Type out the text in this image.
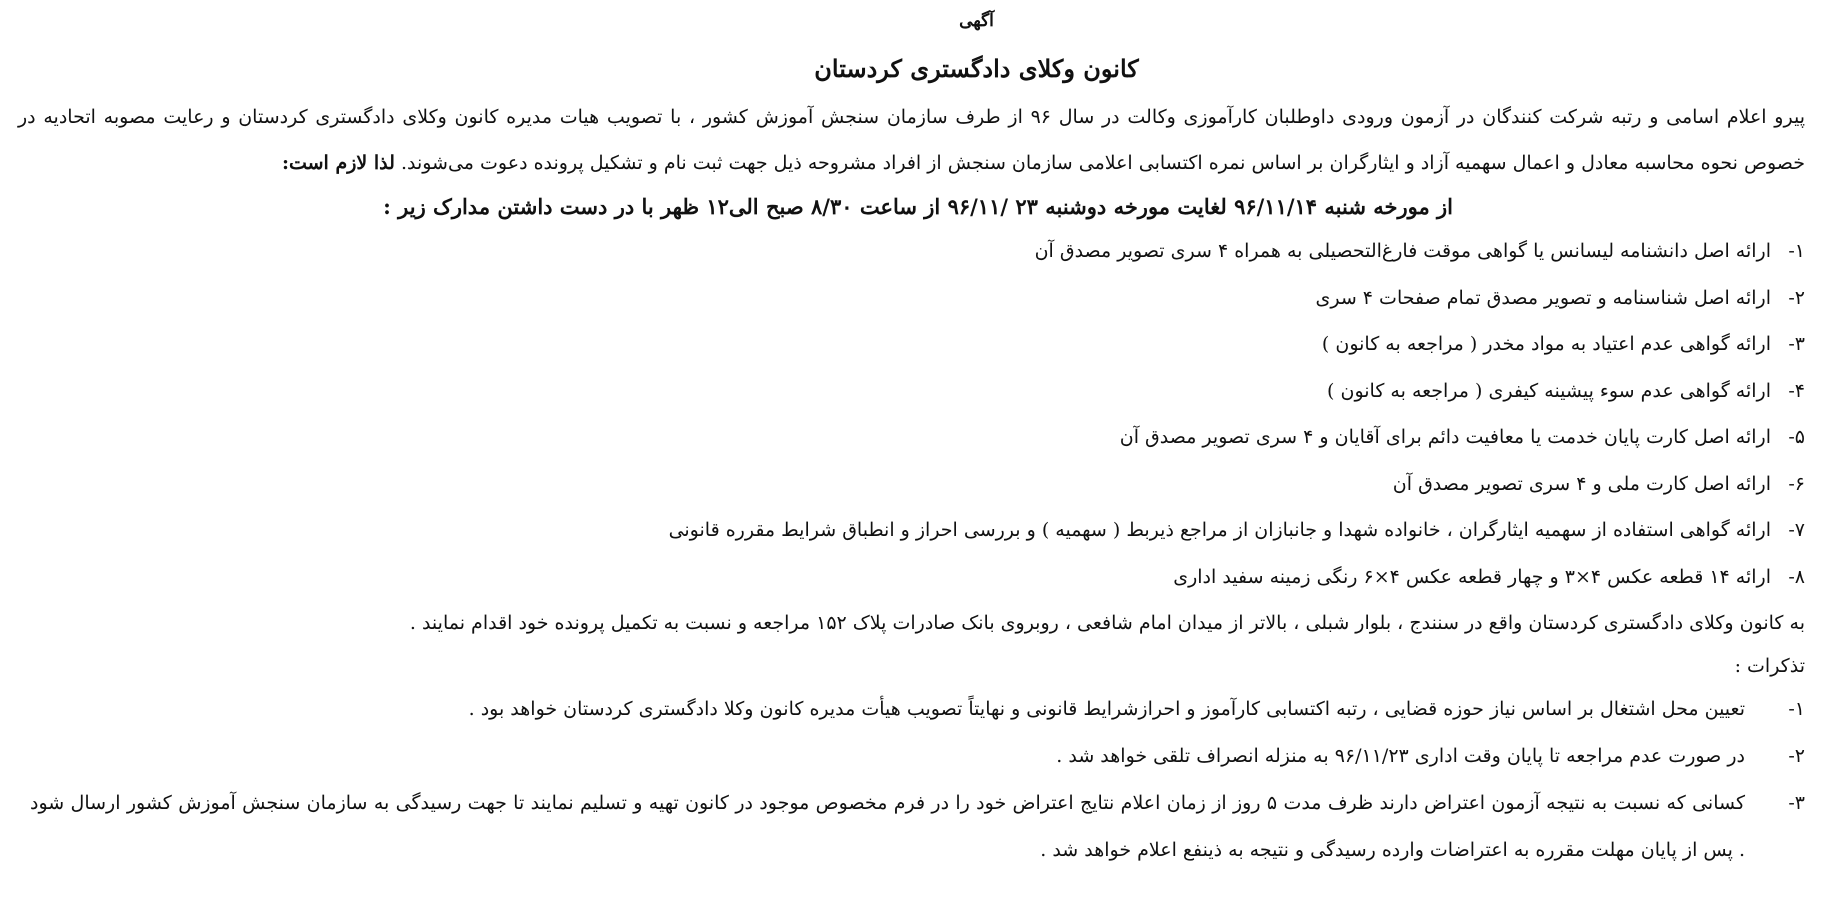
آگهی
کانون وکلای دادگستری کردستان
پیرو اعلام اسامی و رتبه شرکت کنندگان در آزمون ورودی داوطلبان کارآموزی وکالت در سال ۹۶ از طرف سازمان سنجش آموزش کشور ، با تصویب هیات مدیره کانون وکلای دادگستری کردستان و رعایت مصوبه اتحادیه در خصوص نحوه محاسبه معادل و اعمال سهمیه آزاد و ایثارگران بر اساس نمره اکتسابی اعلامی سازمان سنجش از افراد مشروحه ذیل جهت ثبت نام و تشکیل پرونده دعوت می‌شوند. لذا لازم است:
از مورخه شنبه ۹۶/۱۱/۱۴ لغایت مورخه دوشنبه ۲۳ /۹۶/۱۱ از ساعت ۸/۳۰ صبح الی۱۲ ظهر با در دست داشتن مدارک زیر :
۱-ارائه اصل دانشنامه لیسانس یا گواهی موقت فارغ‌التحصیلی به همراه ۴ سری تصویر مصدق آن
۲-ارائه اصل شناسنامه و تصویر مصدق تمام صفحات ۴ سری
۳-ارائه گواهی عدم اعتیاد به مواد مخدر ( مراجعه به کانون )
۴-ارائه گواهی عدم سوء پیشینه کیفری ( مراجعه به کانون )
۵-ارائه اصل کارت پایان خدمت یا معافیت دائم برای آقایان و ۴ سری تصویر مصدق آن
۶-ارائه اصل کارت ملی و ۴ سری تصویر مصدق آن
۷-ارائه گواهی استفاده از سهمیه ایثارگران ، خانواده شهدا و جانبازان از مراجع ذیربط ( سهمیه ) و بررسی احراز و انطباق شرایط مقرره قانونی
۸-ارائه ۱۴ قطعه عکس ۴×۳ و چهار قطعه عکس ۴×۶ رنگی زمینه سفید اداری
به کانون وکلای دادگستری کردستان واقع در سنندج ، بلوار شبلی ، بالاتر از میدان امام شافعی ، روبروی بانک صادرات پلاک ۱۵۲ مراجعه و نسبت به تکمیل پرونده خود اقدام نمایند .
تذکرات :
۱-
تعیین محل اشتغال بر اساس نیاز حوزه قضایی ، رتبه اکتسابی کارآموز و احرازشرایط قانونی و نهایتاً تصویب هیأت مدیره کانون وکلا دادگستری کردستان خواهد بود .
۲-
در صورت عدم مراجعه تا پایان وقت اداری ۹۶/۱۱/۲۳ به منزله انصراف تلقی خواهد شد .
۳-
کسانی که نسبت به نتیجه آزمون اعتراض دارند ظرف مدت ۵ روز از زمان اعلام نتایج اعتراض خود را در فرم مخصوص موجود در کانون تهیه و تسلیم نمایند تا جهت رسیدگی به سازمان سنجش آموزش کشور ارسال شود . پس از پایان مهلت مقرره به اعتراضات وارده رسیدگی و نتیجه به ذینفع اعلام خواهد شد .
